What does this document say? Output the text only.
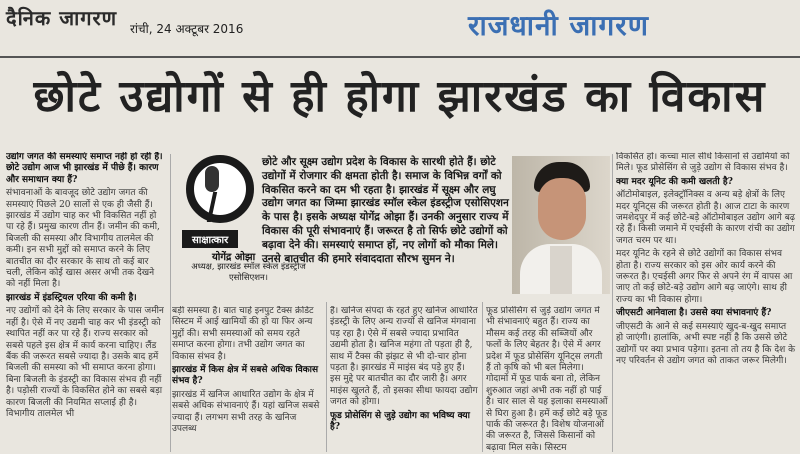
दैनिक जागरण रांची, 24 अक्टूबर 2016	राजधानी जागरण
छोटे उद्योगों से ही होगा झारखंड का विकास

उद्योग जगत की समस्याएं समाप्त नहीं हो रही हैं। छोटे उद्योग आज भी झारखंड में पीछे हैं। कारण और समाधान क्या हैं?

संभावनाओं के बावजूद छोटे उद्योग जगत की समस्याएं पिछले 20 सालों से एक ही जैसी हैं। झारखंड में उद्योग चाह कर भी विकसित नहीं हो पा रहे हैं। प्रमुख कारण तीन हैं। जमीन की कमी, बिजली की समस्या और विभागीय तालमेल की कमी। इन सभी मुद्दों को समाप्त करने के लिए बातचीत का दौर सरकार के साथ तो कई बार चली, लेकिन कोई खास असर अभी तक देखने को नहीं मिला है।

झारखंड में इंडस्ट्रियल एरिया की कमी है।

नए उद्योगों को देने के लिए सरकार के पास जमीन नहीं है। ऐसे में नए उद्यमी चाह कर भी इंडस्ट्री को स्थापित नहीं कर पा रहे हैं। राज्य सरकार को सबसे पहले इस क्षेत्र में कार्य करना चाहिए। लैंड बैंक की जरूरत सबसे ज्यादा है। उसके बाद हमें बिजली की समस्या को भी समाप्त करना होगा। बिना बिजली के इंडस्ट्री का विकास संभव ही नहीं है। पड़ोसी राज्यों के विकसित होने का सबसे बड़ा कारण बिजली की नियमित सप्लाई ही है। विभागीय तालमेल भी

साक्षात्कार
योगेंद्र ओझा
अध्यक्ष, झारखंड स्मॉल स्केल इंडस्ट्रीज एसोसिएशन।
छोटे और सूक्ष्म उद्योग प्रदेश के विकास के सारथी होते हैं। छोटे उद्योगों में रोजगार की क्षमता होती है। समाज के विभिन्न वर्गों को विकसित करने का दम भी रहता है। झारखंड में सूक्ष्म और लघु उद्योग जगत का जिम्मा झारखंड स्मॉल स्केल इंडस्ट्रीज एसोसिएशन के पास है। इसके अध्यक्ष योगेंद्र ओझा हैं। उनकी अनुसार राज्य में विकास की पूरी संभावनाएं हैं। जरूरत है तो सिर्फ छोटे उद्योगों को बढ़ावा देने की। समस्याएं समाप्त हों, नए लोगों को मौका मिले। उनसे बातचीत की हमारे संवाददाता सौरभ सुमन ने।

बड़ी समस्या है। बात चाहे इनपुट टैक्स क्रेडिट सिस्टम में आई खामियों की हो या फिर अन्य मुद्दों की। सभी समस्याओं को समय रहते समाप्त करना होगा। तभी उद्योग जगत का विकास संभव है।

झारखंड में किस क्षेत्र में सबसे अधिक विकास संभव है?

झारखंड में खनिज आधारित उद्योग के क्षेत्र में सबसे अधिक संभावनाएं हैं। यहां खनिज सबसे ज्यादा हैं। लगभग सभी तरह के खनिज उपलब्ध

हैं। खनिज संपदा के रहते हुए खनिज आधारित इंडस्ट्री के लिए अन्य राज्यों से खनिज मंगवाना पड़ रहा है। ऐसे में सबसे ज्यादा प्रभावित उद्यमी होता है। खनिज महंगा तो पड़ता ही है, साथ में टैक्स की झंझट से भी दो-चार होना पड़ता है। झारखंड में माइंस बंद पड़े हुए हैं। इस मुद्दे पर बातचीत का दौर जारी है। अगर माइंस खुलते हैं, तो इसका सीधा फायदा उद्योग जगत को होगा।

फूड प्रोसेसिंग से जुड़े उद्योग का भविष्य क्या है?

फूड प्रोसेसिंग से जुड़े उद्योग जगत में भी संभावनाएं बहुत हैं। राज्य का मौसम कई तरह की सब्जियों और फलों के लिए बेहतर है। ऐसे में अगर प्रदेश में फूड प्रोसेसिंग यूनिट्स लगती हैं तो कृषि को भी बल मिलेगा। गोदामों में फूड पार्क बना तो, लेकिन शुरुआत जहां अभी तक नहीं हो पाई है। चार साल से यह इलाका समस्याओं से घिरा हुआ है। हमें कई छोटे बड़े फूड पार्क की जरूरत है। विशेष योजनाओं की जरूरत है, जिससे किसानों को बढ़ावा मिल सके। सिस्टम

विकसित हो। कच्चा माल सीधे किसानों से उद्यमियों को मिले। फूड प्रोसेसिंग से जुड़े उद्योग से विकास संभव है।

क्या मदर यूनिट की कमी खलती है?

ऑटोमोबाइल, इलेक्ट्रॉनिक्स व अन्य बड़े क्षेत्रों के लिए मदर यूनिट्स की जरूरत होती है। आज टाटा के कारण जमशेदपुर में कई छोटे-बड़े ऑटोमोबाइल उद्योग आगे बढ़ रहे हैं। किसी जमाने में एचईसी के कारण रांची का उद्योग जगत चरम पर था।

मदर यूनिट के रहने से छोटे उद्योगों का विकास संभव होता है। राज्य सरकार को इस ओर कार्य करने की जरूरत है। एचईसी अगर फिर से अपने रंग में वापस आ जाए तो कई छोटे-बड़े उद्योग आगे बढ़ जाएंगे। साथ ही राज्य का भी विकास होगा।

जीएसटी आनेवाला है। उससे क्या संभावनाएं हैं?

जीएसटी के आने से कई समस्याएं खुद-ब-खुद समाप्त हो जाएंगी। हालांकि, अभी स्पष्ट नहीं है कि उससे छोटे उद्योगों पर क्या प्रभाव पड़ेगा। इतना तो तय है कि देश के नए परिवर्तन से उद्योग जगत को ताकत जरूर मिलेगी।
